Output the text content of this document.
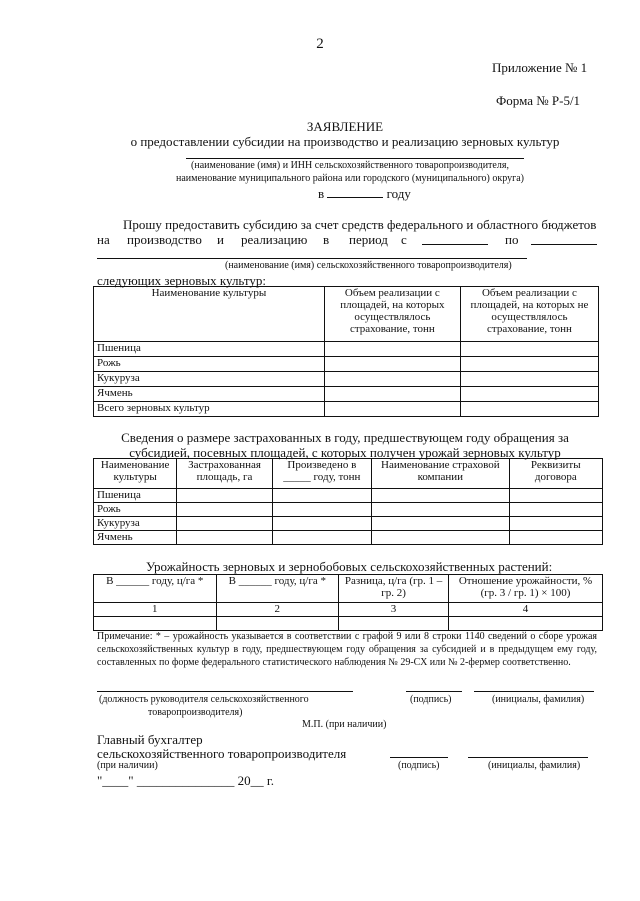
2
Приложение № 1
Форма № Р-5/1
ЗАЯВЛЕНИЕ
о предоставлении субсидии на производство и реализацию зерновых культур
(наименование (имя) и ИНН сельскохозяйственного товаропроизводителя,
наименование муниципального района или городского (муниципального) округа)
в	году
Прошу предоставить субсидию за счет средств федерального и областного бюджетов
на производство и реализацию в период с	по
(наименование (имя) сельскохозяйственного товаропроизводителя)
следующих зерновых культур:
Наименование культуры	Объем реализации с площадей, на которых осуществлялось страхование, тонн	Объем реализации с площадей, на которых не осуществлялось страхование, тонн
Пшеница		
Рожь		
Кукуруза		
Ячмень		
Всего зерновых культур		
Сведения о размере застрахованных в году, предшествующем году обращения за
субсидией, посевных площадей, с которых получен урожай зерновых культур
Наименование культуры	Застрахованная площадь, га	Произведено в _____ году, тонн	Наименование страховой компании	Реквизиты договора
Пшеница				
Рожь				
Кукуруза				
Ячмень				
Урожайность зерновых и зернобобовых сельскохозяйственных растений:
В ______ году, ц/га *	В ______ году, ц/га *	Разница, ц/га (гр. 1 – гр. 2)	Отношение урожайности, % (гр. 3 / гр. 1) × 100)
1	2	3	4

Примечание: * – урожайность указывается в соответствии с графой 9 или 8 строки 1140 сведений о сборе урожая сельскохозяйственных культур в году, предшествующем году обращения за субсидией и в предыдущем ему году, составленных по форме федерального статистического наблюдения № 29-СХ или № 2-фермер соответственно.
(должность руководителя сельскохозяйственного
товаропроизводителя)
(подпись)	(инициалы, фамилия)
М.П. (при наличии)
Главный бухгалтер
сельскохозяйственного товаропроизводителя
(при наличии)	(подпись)	(инициалы, фамилия)
"____" _______________ 20__ г.
